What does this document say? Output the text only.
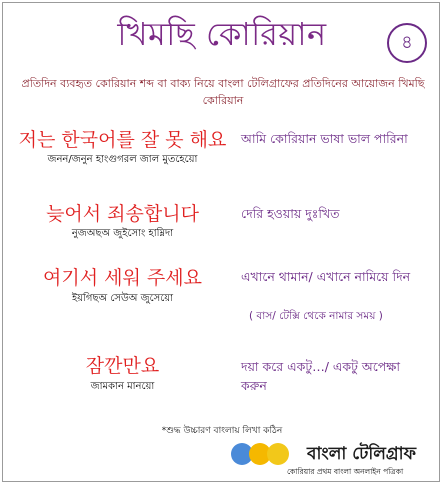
খিমছি কোরিয়ান	৪
প্রতিদিন ব্যবহৃত কোরিয়ান শব্দ বা বাক্য নিয়ে বাংলা টেলিগ্রাফের প্রতিদিনের আয়োজন খিমছি কোরিয়ান
저는 한국어를 잘 못 해요
জনন/জনুন হাংগুগরল জাল মুতহেয়ো
আমি কোরিয়ান ভাষা ভাল পারিনা
늦어서 죄송합니다
নুজঅছঅ জুইসোং হাম্নিদা
দেরি হওয়ায় দুঃখিত
여기서 세워 주세요
ইয়গিছঅ সেউঅ জুসেয়ো
এখানে থামান/ এখানে নামিয়ে দিন
( বাস/ টেক্সি থেকে নামার সময় )
잠깐만요
জামকান মানয়ো
দয়া করে একটু…/ একটু অপেক্ষা করুন
*শুদ্ধ উচ্চারণ বাংলায় লিখা কঠিন
বাংলা টেলিগ্রাফ
কোরিয়ার প্রথম বাংলা অনলাইন পত্রিকা
